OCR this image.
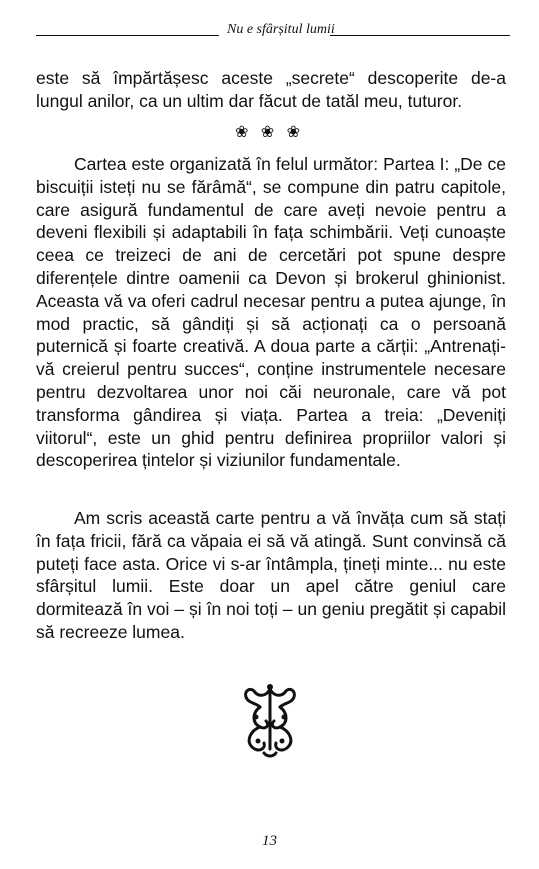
Nu e sfârșitul lumii
este să împărtășesc aceste „secrete“ descoperite de-a lungul anilor, ca un ultim dar făcut de tatăl meu, tuturor.
❀ ❀ ❀
Cartea este organizată în felul următor: Partea I: „De ce biscuiții isteți nu se fărâmă“, se compune din patru capitole, care asigură fundamentul de care aveți nevoie pentru a deveni flexibili și adaptabili în fața schimbării. Veți cunoaște ceea ce treizeci de ani de cercetări pot spune despre diferențele dintre oamenii ca Devon și brokerul ghinionist. Aceasta vă va oferi cadrul necesar pentru a putea ajunge, în mod practic, să gândiți și să acționați ca o persoană puternică și foarte creativă. A doua parte a cărții: „Antrenați-vă creierul pentru succes“, conține instrumentele necesare pentru dezvoltarea unor noi căi neuronale, care vă pot transforma gândirea și viața. Partea a treia: „Deveniți viitorul“, este un ghid pentru definirea propriilor valori și descoperirea țintelor și viziunilor fundamentale.
Am scris această carte pentru a vă învăța cum să stați în fața fricii, fără ca văpaia ei să vă atingă. Sunt convinsă că puteți face asta. Orice vi s-ar întâmpla, țineți minte... nu este sfârșitul lumii. Este doar un apel către geniul care dormitează în voi – și în noi toți – un geniu pregătit și capabil să recreeze lumea.
13
